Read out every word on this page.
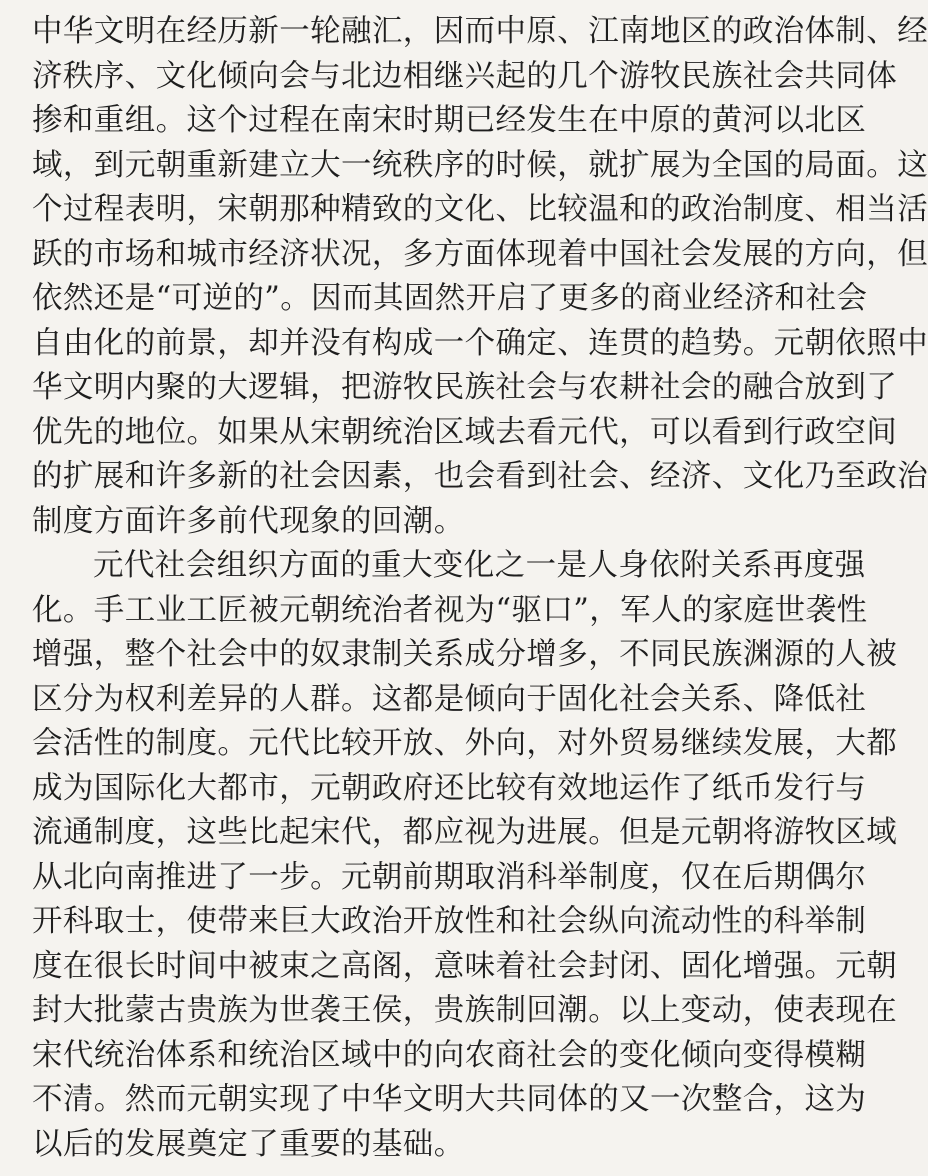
中华文明在经历新一轮融汇，因而中原、江南地区的政治体制、经
济秩序、文化倾向会与北边相继兴起的几个游牧民族社会共同体
掺和重组。这个过程在南宋时期已经发生在中原的黄河以北区
域，到元朝重新建立大一统秩序的时候，就扩展为全国的局面。这
个过程表明，宋朝那种精致的文化、比较温和的政治制度、相当活
跃的市场和城市经济状况，多方面体现着中国社会发展的方向，但
依然还是“可逆的”。因而其固然开启了更多的商业经济和社会
自由化的前景，却并没有构成一个确定、连贯的趋势。元朝依照中
华文明内聚的大逻辑，把游牧民族社会与农耕社会的融合放到了
优先的地位。如果从宋朝统治区域去看元代，可以看到行政空间
的扩展和许多新的社会因素，也会看到社会、经济、文化乃至政治
制度方面许多前代现象的回潮。
元代社会组织方面的重大变化之一是人身依附关系再度强
化。手工业工匠被元朝统治者视为“驱口”，军人的家庭世袭性
增强，整个社会中的奴隶制关系成分增多，不同民族渊源的人被
区分为权利差异的人群。这都是倾向于固化社会关系、降低社
会活性的制度。元代比较开放、外向，对外贸易继续发展，大都
成为国际化大都市，元朝政府还比较有效地运作了纸币发行与
流通制度，这些比起宋代，都应视为进展。但是元朝将游牧区域
从北向南推进了一步。元朝前期取消科举制度，仅在后期偶尔
开科取士，使带来巨大政治开放性和社会纵向流动性的科举制
度在很长时间中被束之高阁，意味着社会封闭、固化增强。元朝
封大批蒙古贵族为世袭王侯，贵族制回潮。以上变动，使表现在
宋代统治体系和统治区域中的向农商社会的变化倾向变得模糊
不清。然而元朝实现了中华文明大共同体的又一次整合，这为
以后的发展奠定了重要的基础。
